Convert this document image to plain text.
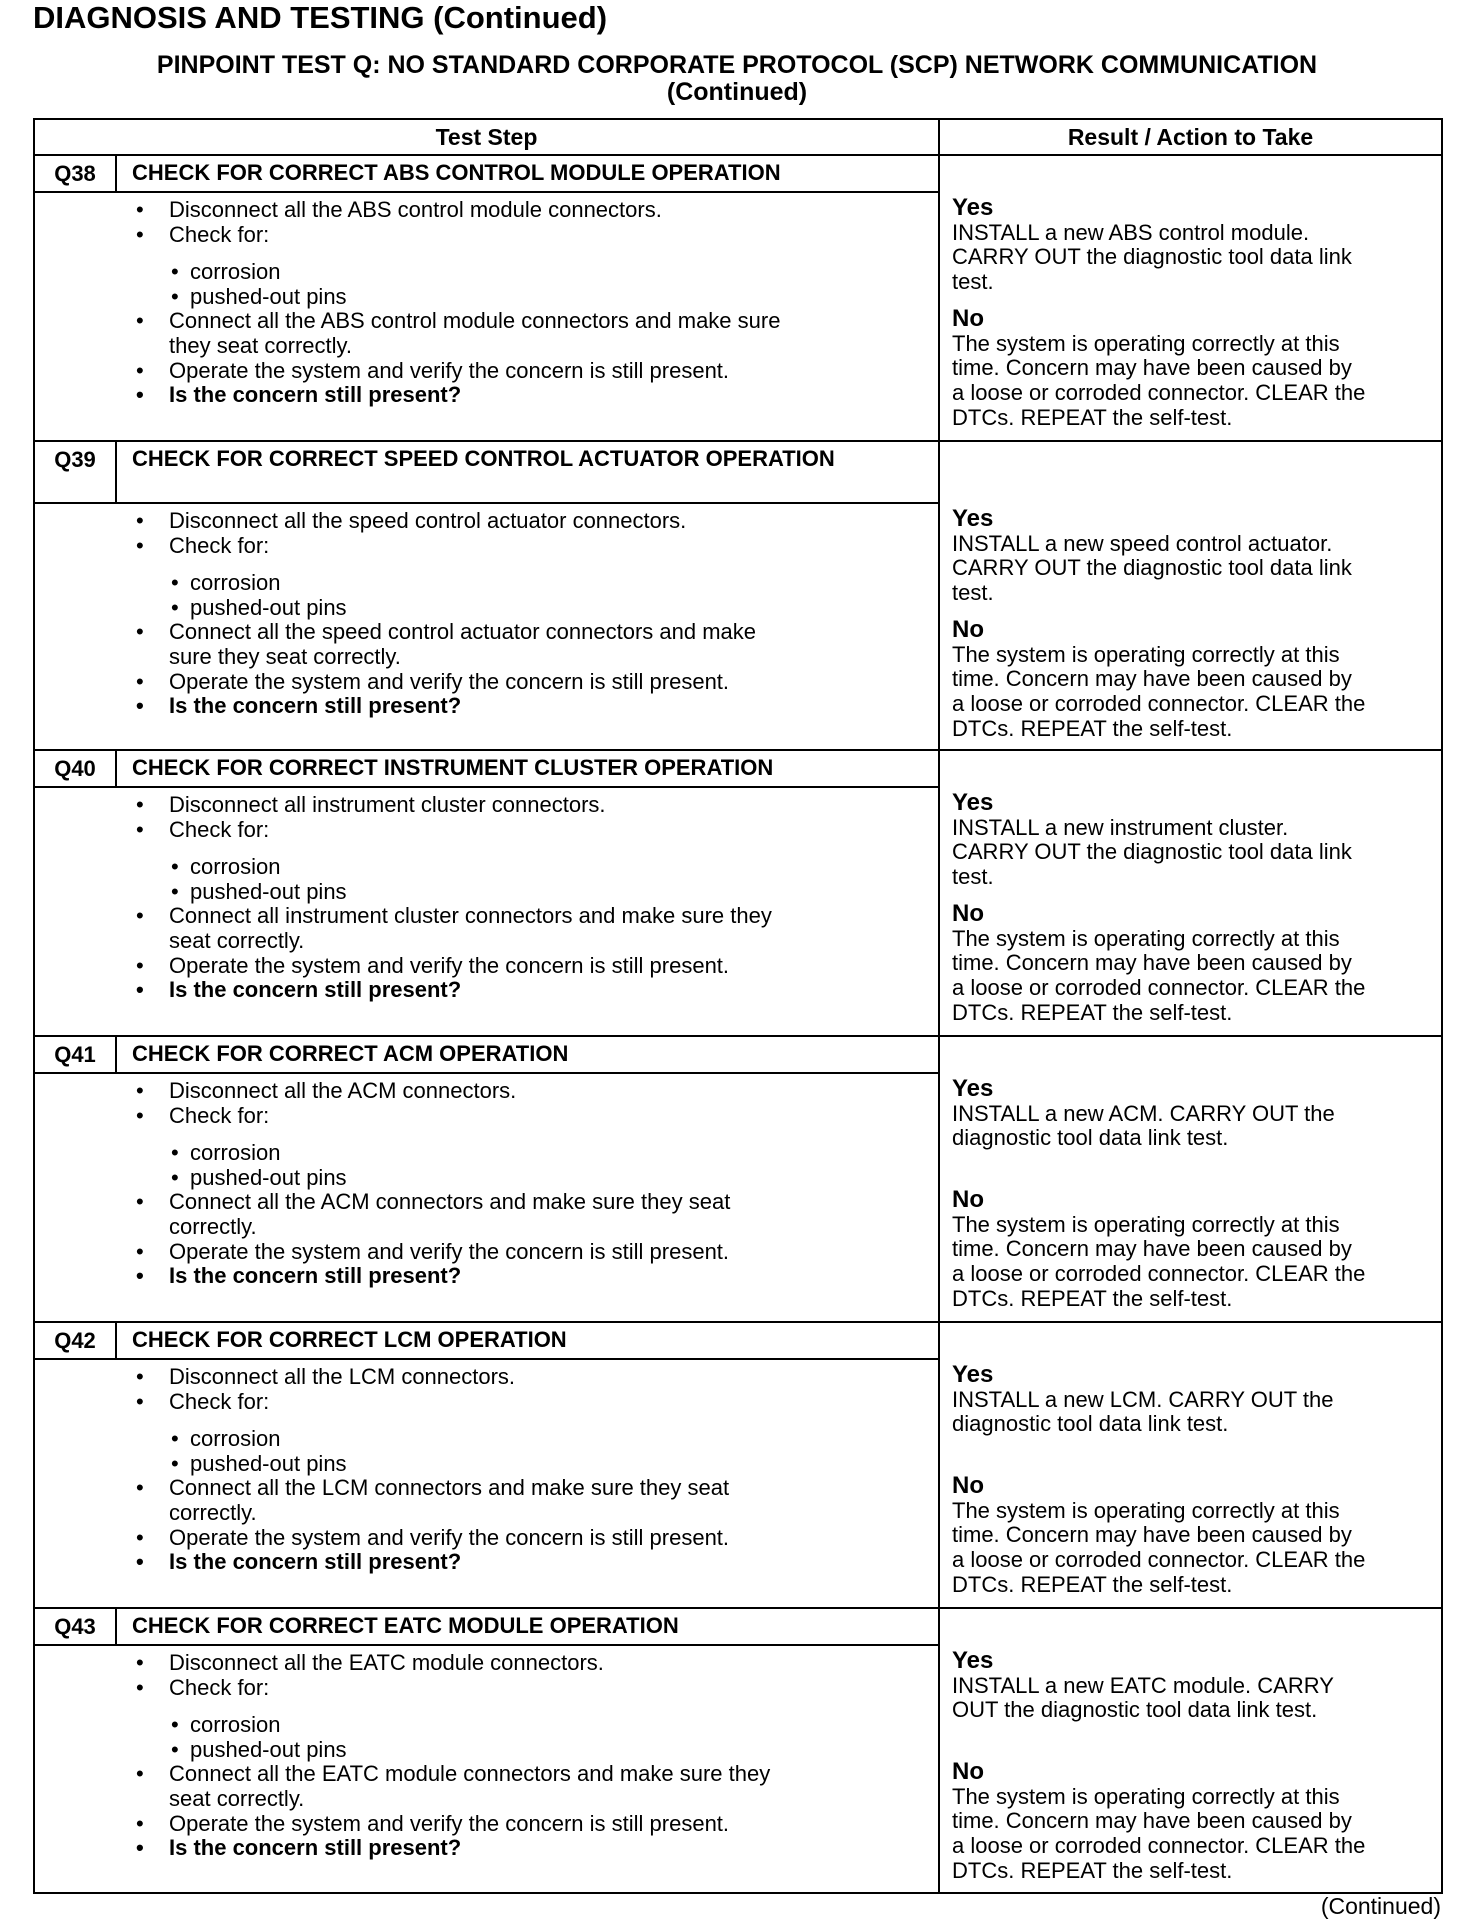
DIAGNOSIS AND TESTING (Continued)
PINPOINT TEST Q: NO STANDARD CORPORATE PROTOCOL (SCP) NETWORK COMMUNICATION
(Continued)
Test Step	Result / Action to Take
Q38	CHECK FOR CORRECT ABS CONTROL MODULE OPERATION
• Disconnect all the ABS control module connectors.
• Check for:
• corrosion
• pushed-out pins
• Connect all the ABS control module connectors and make sure
they seat correctly.
• Operate the system and verify the concern is still present.
• Is the concern still present?
Yes
INSTALL a new ABS control module.
CARRY OUT the diagnostic tool data link
test.
No
The system is operating correctly at this
time. Concern may have been caused by
a loose or corroded connector. CLEAR the
DTCs. REPEAT the self-test.
Q39	CHECK FOR CORRECT SPEED CONTROL ACTUATOR OPERATION
• Disconnect all the speed control actuator connectors.
• Check for:
• corrosion
• pushed-out pins
• Connect all the speed control actuator connectors and make
sure they seat correctly.
• Operate the system and verify the concern is still present.
• Is the concern still present?
Yes
INSTALL a new speed control actuator.
CARRY OUT the diagnostic tool data link
test.
No
The system is operating correctly at this
time. Concern may have been caused by
a loose or corroded connector. CLEAR the
DTCs. REPEAT the self-test.
Q40	CHECK FOR CORRECT INSTRUMENT CLUSTER OPERATION
• Disconnect all instrument cluster connectors.
• Check for:
• corrosion
• pushed-out pins
• Connect all instrument cluster connectors and make sure they
seat correctly.
• Operate the system and verify the concern is still present.
• Is the concern still present?
Yes
INSTALL a new instrument cluster.
CARRY OUT the diagnostic tool data link
test.
No
The system is operating correctly at this
time. Concern may have been caused by
a loose or corroded connector. CLEAR the
DTCs. REPEAT the self-test.
Q41	CHECK FOR CORRECT ACM OPERATION
• Disconnect all the ACM connectors.
• Check for:
• corrosion
• pushed-out pins
• Connect all the ACM connectors and make sure they seat
correctly.
• Operate the system and verify the concern is still present.
• Is the concern still present?
Yes
INSTALL a new ACM. CARRY OUT the
diagnostic tool data link test.
No
The system is operating correctly at this
time. Concern may have been caused by
a loose or corroded connector. CLEAR the
DTCs. REPEAT the self-test.
Q42	CHECK FOR CORRECT LCM OPERATION
• Disconnect all the LCM connectors.
• Check for:
• corrosion
• pushed-out pins
• Connect all the LCM connectors and make sure they seat
correctly.
• Operate the system and verify the concern is still present.
• Is the concern still present?
Yes
INSTALL a new LCM. CARRY OUT the
diagnostic tool data link test.
No
The system is operating correctly at this
time. Concern may have been caused by
a loose or corroded connector. CLEAR the
DTCs. REPEAT the self-test.
Q43	CHECK FOR CORRECT EATC MODULE OPERATION
• Disconnect all the EATC module connectors.
• Check for:
• corrosion
• pushed-out pins
• Connect all the EATC module connectors and make sure they
seat correctly.
• Operate the system and verify the concern is still present.
• Is the concern still present?
Yes
INSTALL a new EATC module. CARRY
OUT the diagnostic tool data link test.
No
The system is operating correctly at this
time. Concern may have been caused by
a loose or corroded connector. CLEAR the
DTCs. REPEAT the self-test.
(Continued)
